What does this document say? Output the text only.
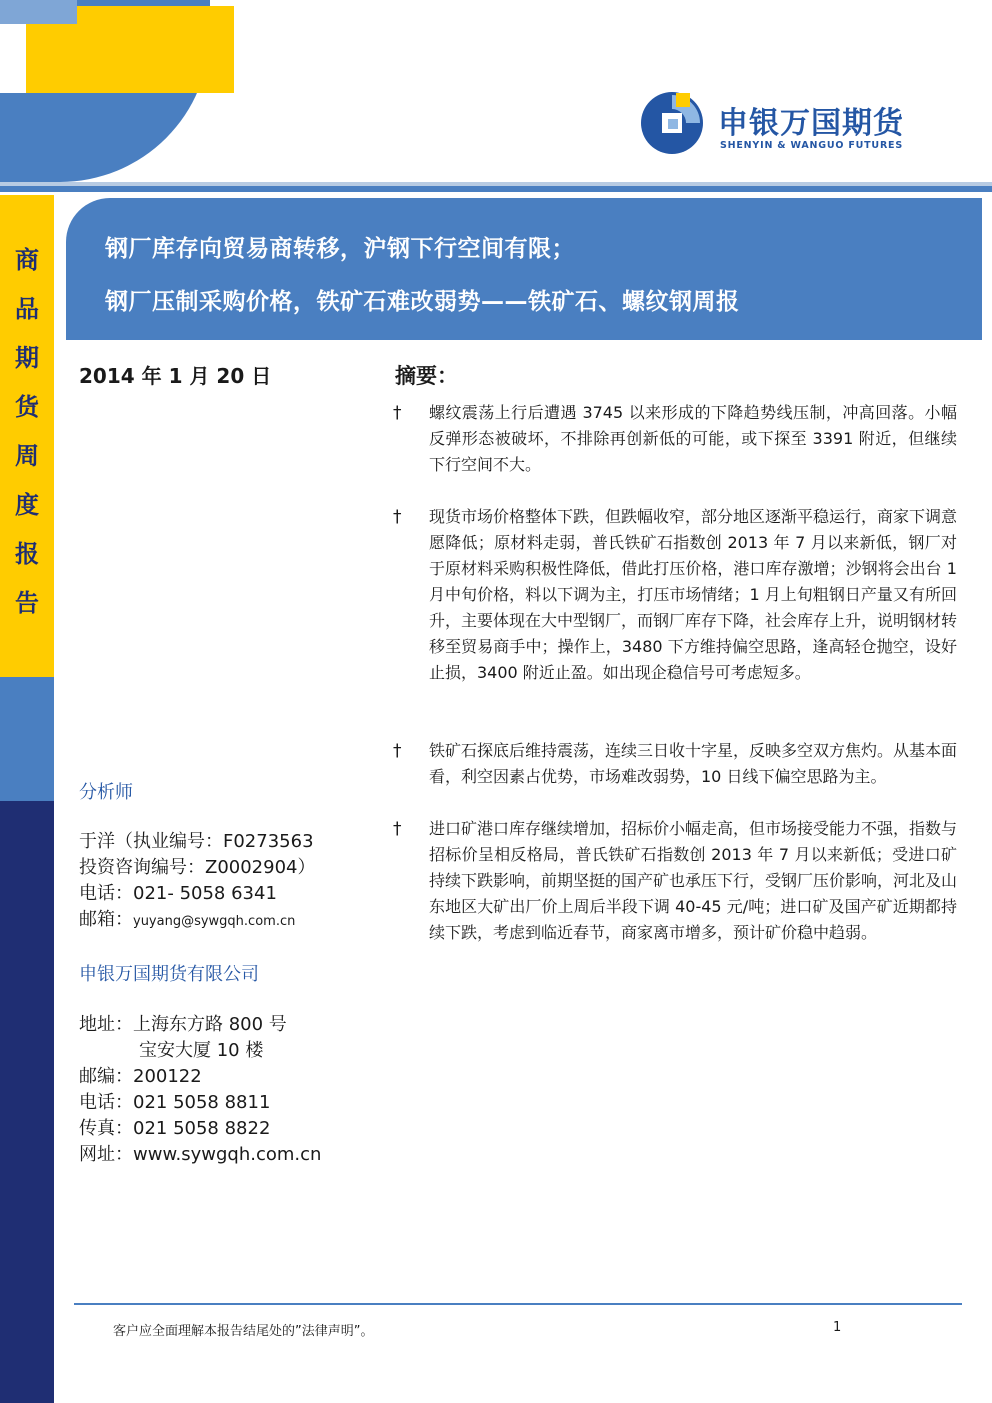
申银万国期货
SHENYIN & WANGUO FUTURES
钢厂库存向贸易商转移，沪钢下行空间有限；
钢厂压制采购价格，铁矿石难改弱势——铁矿石、螺纹钢周报
商
品
期
货
周
度
报
告
2014 年 1 月 20 日
分析师
于洋（执业编号：F0273563
投资咨询编号：Z0002904）
电话：021- 5058 6341
邮箱：yuyang@sywgqh.com.cn
申银万国期货有限公司
地址：上海东方路 800 号
宝安大厦 10 楼
邮编：200122
电话：021 5058 8811
传真：021 5058 8822
网址：www.sywgqh.com.cn
摘要：
† 螺纹震荡上行后遭遇 3745 以来形成的下降趋势线压制，冲高回落。小幅反弹形态被破坏，不排除再创新低的可能，或下探至 3391 附近，但继续下行空间不大。
† 现货市场价格整体下跌，但跌幅收窄，部分地区逐渐平稳运行，商家下调意愿降低；原材料走弱，普氏铁矿石指数创 2013 年 7 月以来新低，钢厂对于原材料采购积极性降低，借此打压价格，港口库存激增；沙钢将会出台 1 月中旬价格，料以下调为主，打压市场情绪；1 月上旬粗钢日产量又有所回升，主要体现在大中型钢厂，而钢厂库存下降，社会库存上升，说明钢材转移至贸易商手中；操作上，3480 下方维持偏空思路，逢高轻仓抛空，设好止损，3400 附近止盈。如出现企稳信号可考虑短多。
† 铁矿石探底后维持震荡，连续三日收十字星，反映多空双方焦灼。从基本面看，利空因素占优势，市场难改弱势，10 日线下偏空思路为主。
† 进口矿港口库存继续增加，招标价小幅走高，但市场接受能力不强，指数与招标价呈相反格局，普氏铁矿石指数创 2013 年 7 月以来新低；受进口矿持续下跌影响，前期坚挺的国产矿也承压下行，受钢厂压价影响，河北及山东地区大矿出厂价上周后半段下调 40-45 元/吨；进口矿及国产矿近期都持续下跌，考虑到临近春节，商家离市增多，预计矿价稳中趋弱。
客户应全面理解本报告结尾处的”法律声明”。	1
